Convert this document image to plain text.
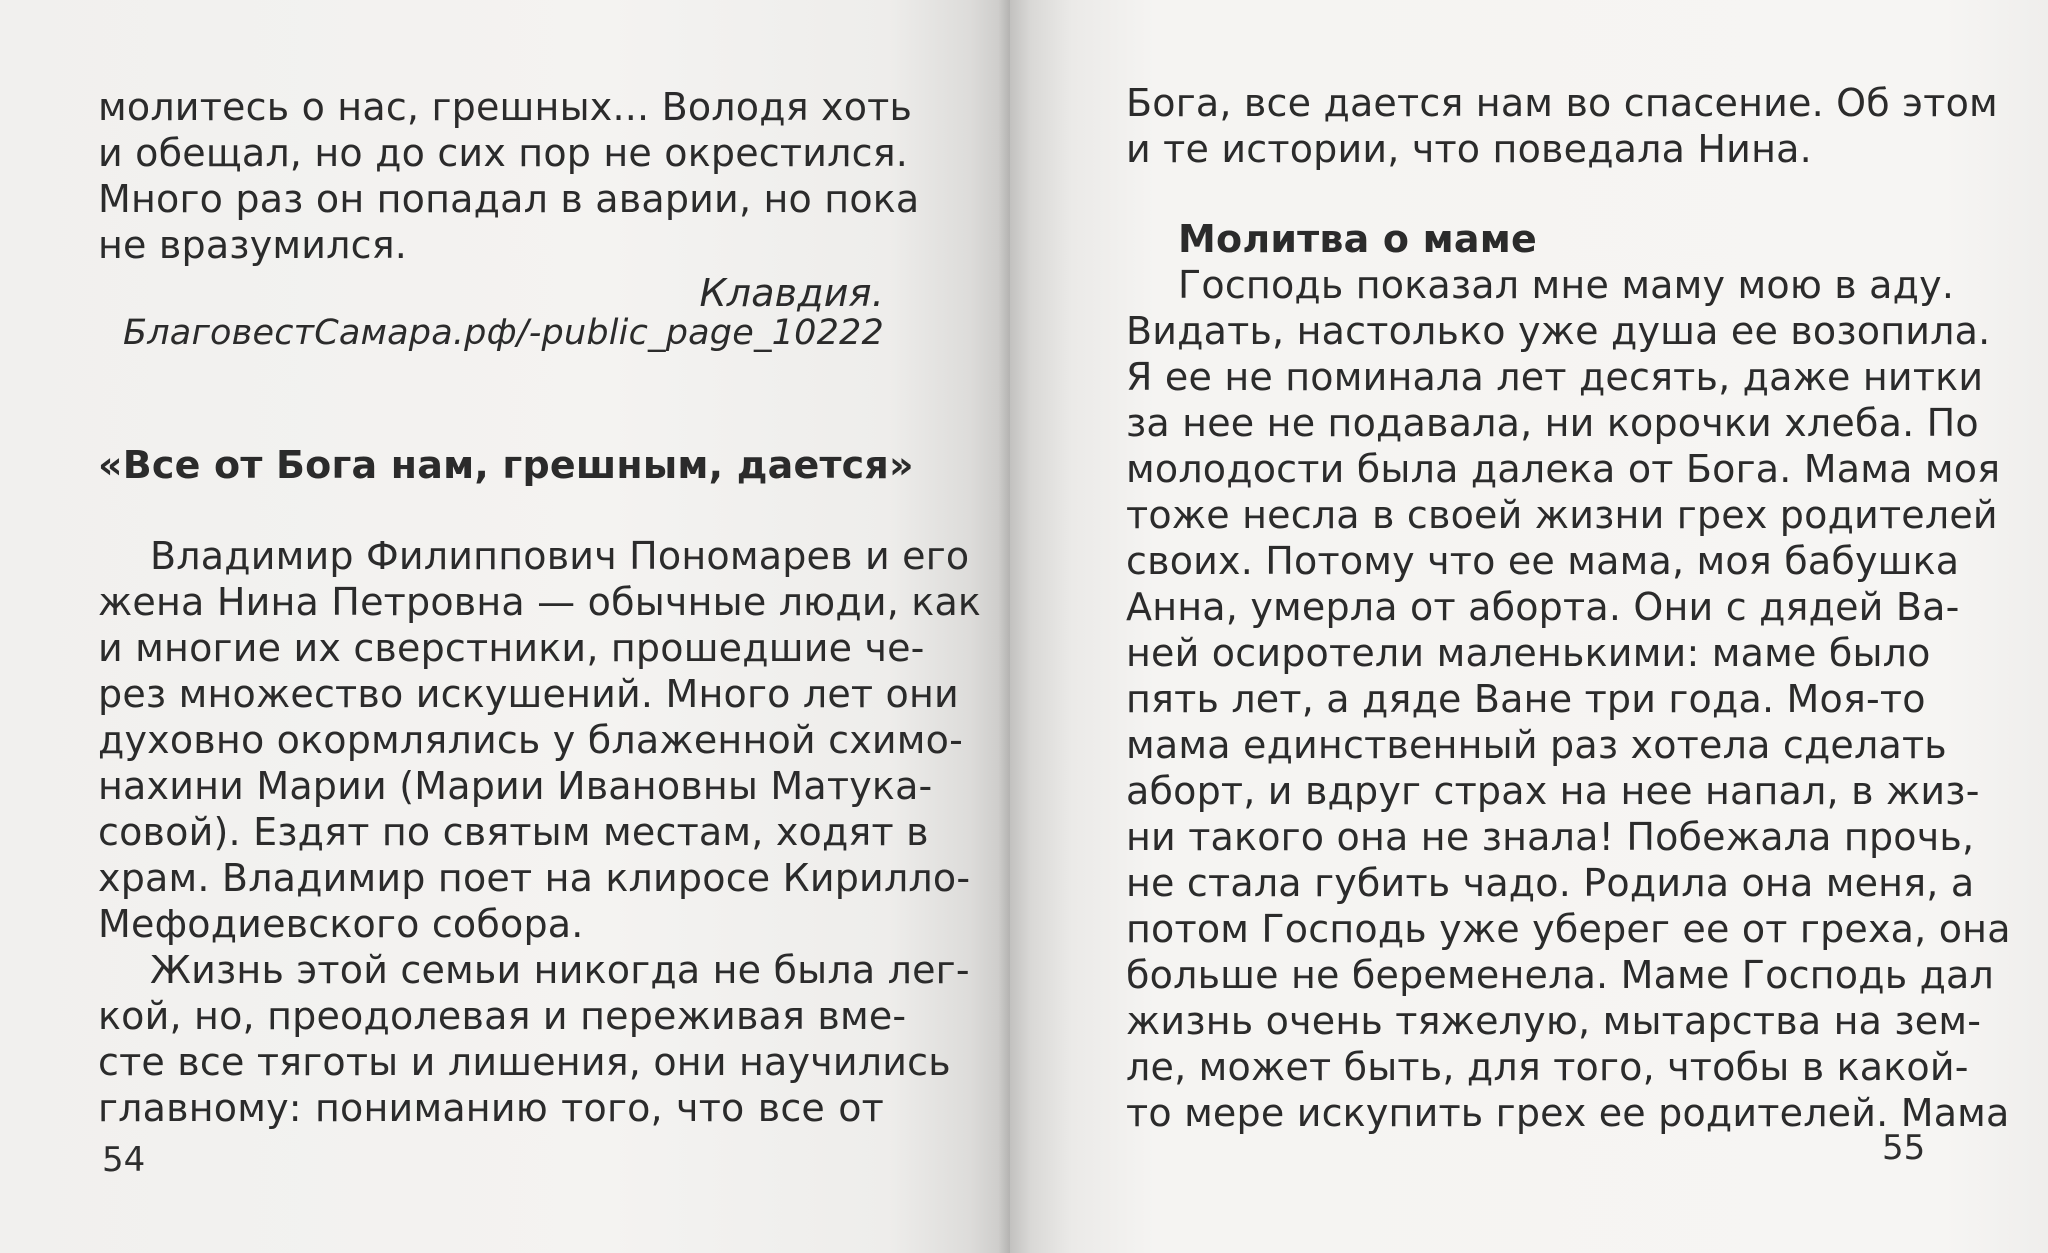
молитесь о нас, грешных... Володя хоть
и обещал, но до сих пор не окрестился.
Много раз он попадал в аварии, но пока
не вразумился.
Клавдия.
БлаговестСамара.рф/-public_page_10222
«Все от Бога нам, грешным, дается»
Владимир Филиппович Пономарев и его
жена Нина Петровна — обычные люди, как
и многие их сверстники, прошедшие че-
рез множество искушений. Много лет они
духовно окормлялись у блаженной схимо-
нахини Марии (Марии Ивановны Матука-
совой). Ездят по святым местам, ходят в
храм. Владимир поет на клиросе Кирилло-
Мефодиевского собора.
Жизнь этой семьи никогда не была лег-
кой, но, преодолевая и переживая вме-
сте все тяготы и лишения, они научились
главному: пониманию того, что все от
54
Бога, все дается нам во спасение. Об этом
и те истории, что поведала Нина.
Молитва о маме
Господь показал мне маму мою в аду.
Видать, настолько уже душа ее возопила.
Я ее не поминала лет десять, даже нитки
за нее не подавала, ни корочки хлеба. По
молодости была далека от Бога. Мама моя
тоже несла в своей жизни грех родителей
своих. Потому что ее мама, моя бабушка
Анна, умерла от аборта. Они с дядей Ва-
ней осиротели маленькими: маме было
пять лет, а дяде Ване три года. Моя-то
мама единственный раз хотела сделать
аборт, и вдруг страх на нее напал, в жиз-
ни такого она не знала! Побежала прочь,
не стала губить чадо. Родила она меня, а
потом Господь уже уберег ее от греха, она
больше не беременела. Маме Господь дал
жизнь очень тяжелую, мытарства на зем-
ле, может быть, для того, чтобы в какой-
то мере искупить грех ее родителей. Мама
55
